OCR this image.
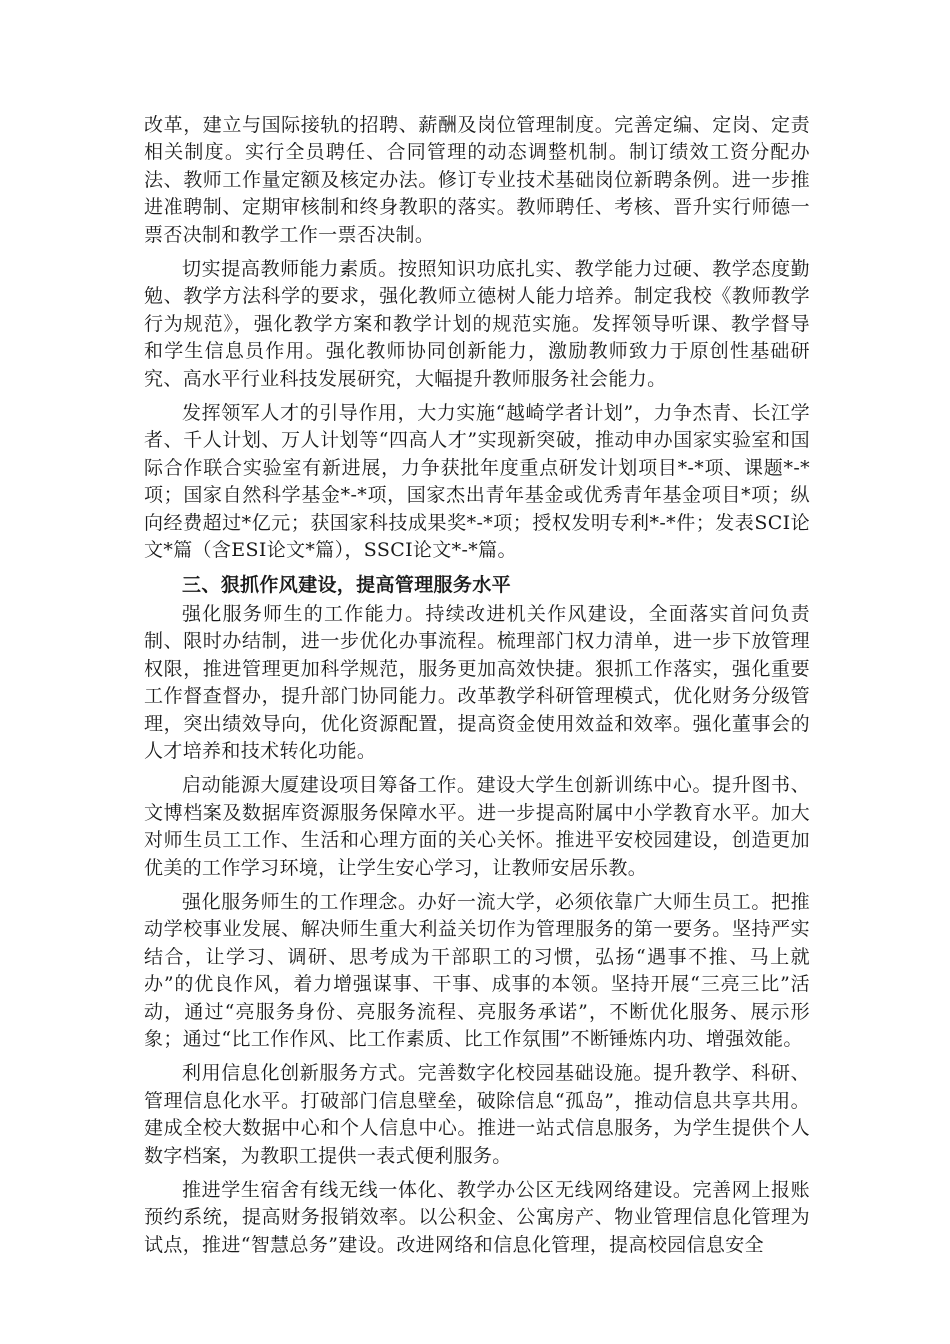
改革，建立与国际接轨的招聘、薪酬及岗位管理制度。完善定编、定岗、定责相关制度。实行全员聘任、合同管理的动态调整机制。制订绩效工资分配办法、教师工作量定额及核定办法。修订专业技术基础岗位新聘条例。进一步推进准聘制、定期审核制和终身教职的落实。教师聘任、考核、晋升实行师德一票否决制和教学工作一票否决制。

切实提高教师能力素质。按照知识功底扎实、教学能力过硬、教学态度勤勉、教学方法科学的要求，强化教师立德树人能力培养。制定我校《教师教学行为规范》，强化教学方案和教学计划的规范实施。发挥领导听课、教学督导和学生信息员作用。强化教师协同创新能力，激励教师致力于原创性基础研究、高水平行业科技发展研究，大幅提升教师服务社会能力。

发挥领军人才的引导作用，大力实施“越崎学者计划”，力争杰青、长江学者、千人计划、万人计划等“四高人才”实现新突破，推动申办国家实验室和国际合作联合实验室有新进展，力争获批年度重点研发计划项目*-*项、课题*-*项；国家自然科学基金*-*项，国家杰出青年基金或优秀青年基金项目*项；纵向经费超过*亿元；获国家科技成果奖*-*项；授权发明专利*-*件；发表SCI论文*篇（含ESI论文*篇），SSCI论文*-*篇。

三、狠抓作风建设，提高管理服务水平

强化服务师生的工作能力。持续改进机关作风建设，全面落实首问负责制、限时办结制，进一步优化办事流程。梳理部门权力清单，进一步下放管理权限，推进管理更加科学规范，服务更加高效快捷。狠抓工作落实，强化重要工作督查督办，提升部门协同能力。改革教学科研管理模式，优化财务分级管理，突出绩效导向，优化资源配置，提高资金使用效益和效率。强化董事会的人才培养和技术转化功能。

启动能源大厦建设项目筹备工作。建设大学生创新训练中心。提升图书、文博档案及数据库资源服务保障水平。进一步提高附属中小学教育水平。加大对师生员工工作、生活和心理方面的关心关怀。推进平安校园建设，创造更加优美的工作学习环境，让学生安心学习，让教师安居乐教。

强化服务师生的工作理念。办好一流大学，必须依靠广大师生员工。把推动学校事业发展、解决师生重大利益关切作为管理服务的第一要务。坚持严实结合，让学习、调研、思考成为干部职工的习惯，弘扬“遇事不推、马上就办”的优良作风，着力增强谋事、干事、成事的本领。坚持开展“三亮三比”活动，通过“亮服务身份、亮服务流程、亮服务承诺”，不断优化服务、展示形象；通过“比工作作风、比工作素质、比工作氛围”不断锤炼内功、增强效能。

利用信息化创新服务方式。完善数字化校园基础设施。提升教学、科研、管理信息化水平。打破部门信息壁垒，破除信息“孤岛”，推动信息共享共用。建成全校大数据中心和个人信息中心。推进一站式信息服务，为学生提供个人数字档案，为教职工提供一表式便利服务。

推进学生宿舍有线无线一体化、教学办公区无线网络建设。完善网上报账预约系统，提高财务报销效率。以公积金、公寓房产、物业管理信息化管理为试点，推进“智慧总务”建设。改进网络和信息化管理，提高校园信息安全
